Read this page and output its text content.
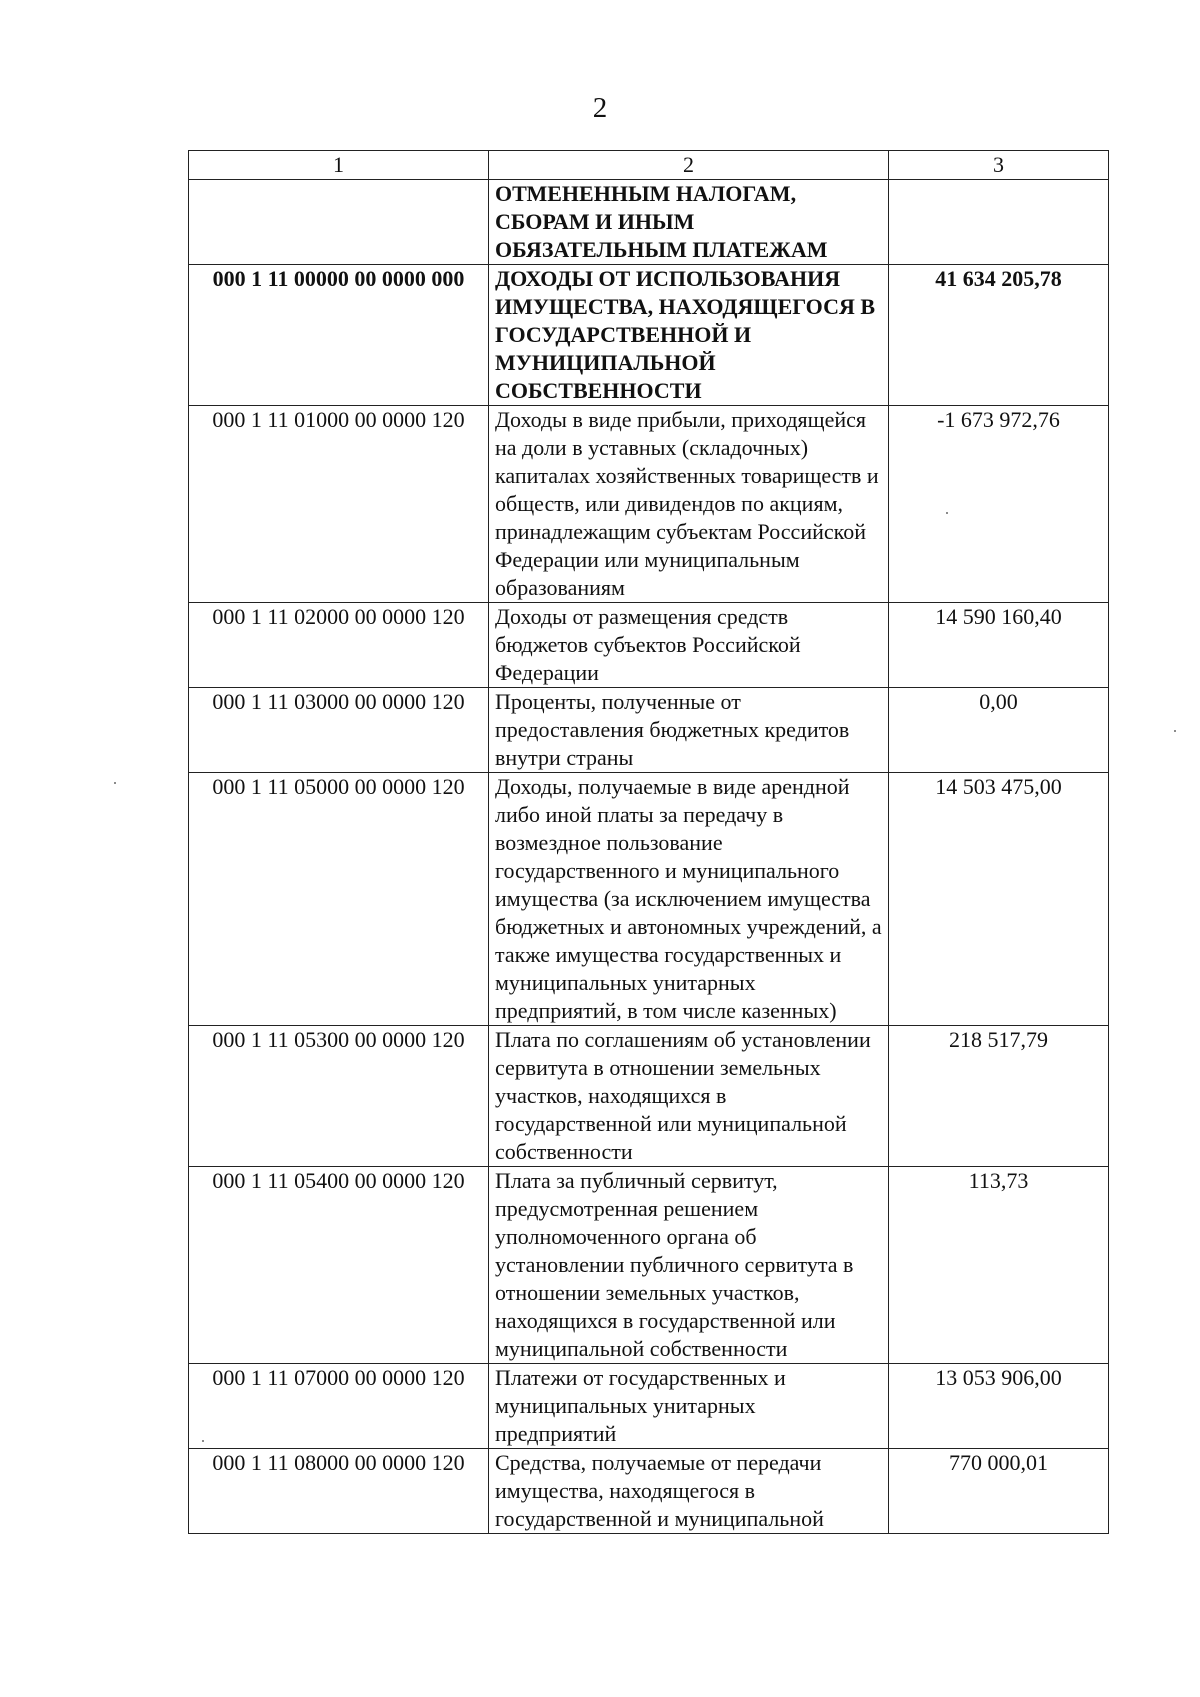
2
1	2	3
	ОТМЕНЕННЫМ НАЛОГАМ, СБОРАМ И ИНЫМ ОБЯЗАТЕЛЬНЫМ ПЛАТЕЖАМ	
000 1 11 00000 00 0000 000	ДОХОДЫ ОТ ИСПОЛЬЗОВАНИЯ ИМУЩЕСТВА, НАХОДЯЩЕГОСЯ В ГОСУДАРСТВЕННОЙ И МУНИЦИПАЛЬНОЙ СОБСТВЕННОСТИ	41 634 205,78
000 1 11 01000 00 0000 120	Доходы в виде прибыли, приходящейся на доли в уставных (складочных) капиталах хозяйственных товариществ и обществ, или дивидендов по акциям, принадлежащим субъектам Российской Федерации или муниципальным образованиям	-1 673 972,76
000 1 11 02000 00 0000 120	Доходы от размещения средств бюджетов субъектов Российской Федерации	14 590 160,40
000 1 11 03000 00 0000 120	Проценты, полученные от предоставления бюджетных кредитов внутри страны	0,00
000 1 11 05000 00 0000 120	Доходы, получаемые в виде арендной либо иной платы за передачу в возмездное пользование государственного и муниципального имущества (за исключением имущества бюджетных и автономных учреждений, а также имущества государственных и муниципальных унитарных предприятий, в том числе казенных)	14 503 475,00
000 1 11 05300 00 0000 120	Плата по соглашениям об установлении сервитута в отношении земельных участков, находящихся в государственной или муниципальной собственности	218 517,79
000 1 11 05400 00 0000 120	Плата за публичный сервитут, предусмотренная решением уполномоченного органа об установлении публичного сервитута в отношении земельных участков, находящихся в государственной или муниципальной собственности	113,73
000 1 11 07000 00 0000 120	Платежи от государственных и муниципальных унитарных предприятий	13 053 906,00
000 1 11 08000 00 0000 120	Средства, получаемые от передачи имущества, находящегося в государственной и муниципальной	770 000,01
